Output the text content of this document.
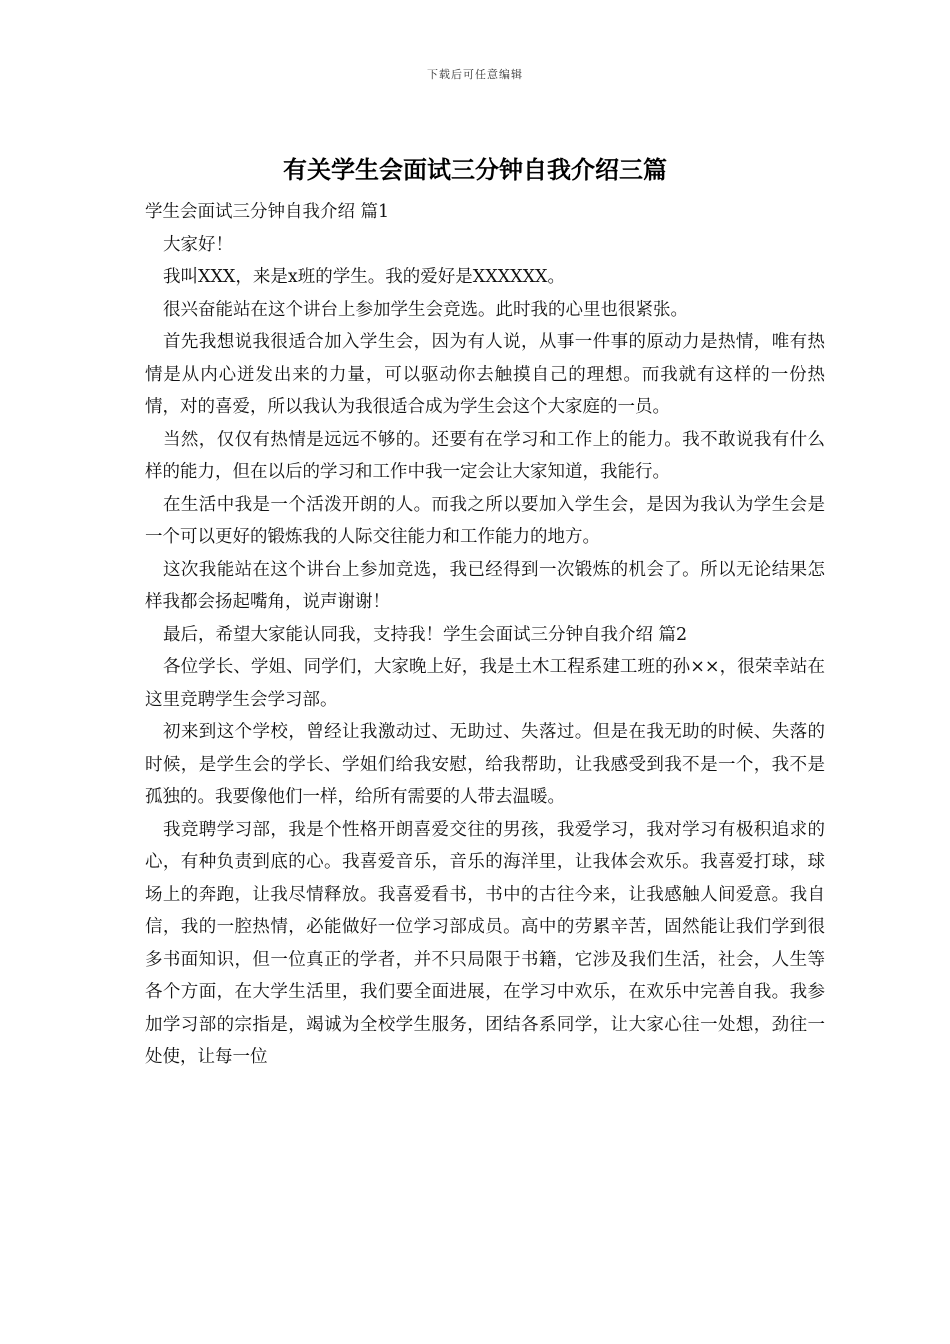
下载后可任意编辑
有关学生会面试三分钟自我介绍三篇

学生会面试三分钟自我介绍 篇1

大家好！

我叫XXX，来是x班的学生。我的爱好是XXXXXX。

很兴奋能站在这个讲台上参加学生会竞选。此时我的心里也很紧张。

首先我想说我很适合加入学生会，因为有人说，从事一件事的原动力是热情，唯有热情是从内心迸发出来的力量，可以驱动你去触摸自己的理想。而我就有这样的一份热情，对的喜爱，所以我认为我很适合成为学生会这个大家庭的一员。

当然，仅仅有热情是远远不够的。还要有在学习和工作上的能力。我不敢说我有什么样的能力，但在以后的学习和工作中我一定会让大家知道，我能行。

在生活中我是一个活泼开朗的人。而我之所以要加入学生会，是因为我认为学生会是一个可以更好的锻炼我的人际交往能力和工作能力的地方。

这次我能站在这个讲台上参加竞选，我已经得到一次锻炼的机会了。所以无论结果怎样我都会扬起嘴角，说声谢谢！

最后，希望大家能认同我，支持我！学生会面试三分钟自我介绍 篇2

各位学长、学姐、同学们，大家晚上好，我是土木工程系建工班的孙××，很荣幸站在这里竞聘学生会学习部。

初来到这个学校，曾经让我激动过、无助过、失落过。但是在我无助的时候、失落的时候，是学生会的学长、学姐们给我安慰，给我帮助，让我感受到我不是一个，我不是孤独的。我要像他们一样，给所有需要的人带去温暖。

我竞聘学习部，我是个性格开朗喜爱交往的男孩，我爱学习，我对学习有极积追求的心，有种负责到底的心。我喜爱音乐，音乐的海洋里，让我体会欢乐。我喜爱打球，球场上的奔跑，让我尽情释放。我喜爱看书，书中的古往今来，让我感触人间爱意。我自信，我的一腔热情，必能做好一位学习部成员。高中的劳累辛苦，固然能让我们学到很多书面知识，但一位真正的学者，并不只局限于书籍，它涉及我们生活，社会，人生等各个方面，在大学生活里，我们要全面进展，在学习中欢乐，在欢乐中完善自我。我参加学习部的宗指是，竭诚为全校学生服务，团结各系同学，让大家心往一处想，劲往一处使，让每一位
